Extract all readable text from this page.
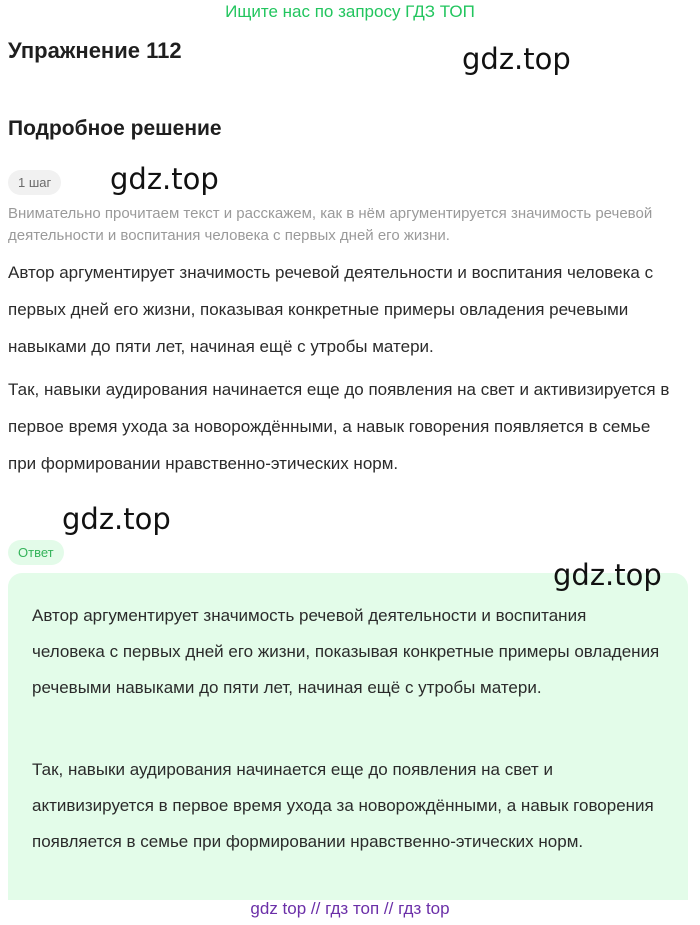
Ищите нас по запросу ГДЗ ТОП
Упражнение 112	gdz.top
gdz.top
gdz.top
Подробное решение
1 шаг

Внимательно прочитаем текст и расскажем, как в нём аргументируется значимость речевой деятельности и воспитания человека с первых дней его жизни.

Автор аргументирует значимость речевой деятельности и воспитания человека с первых дней его жизни, показывая конкретные примеры овладения речевыми навыками до пяти лет, начиная ещё с утробы матери.

Так, навыки аудирования начинается еще до появления на свет и активизируется в первое время ухода за новорождёнными, а навык говорения появляется в семье при формировании нравственно-этических норм.

Ответ

Автор аргументирует значимость речевой деятельности и воспитания человека с первых дней его жизни, показывая конкретные примеры овладения речевыми навыками до пяти лет, начиная ещё с утробы матери.

Так, навыки аудирования начинается еще до появления на свет и активизируется в первое время ухода за новорождёнными, а навык говорения появляется в семье при формировании нравственно-этических норм.

gdz.top
gdz top // гдз топ // гдз top
